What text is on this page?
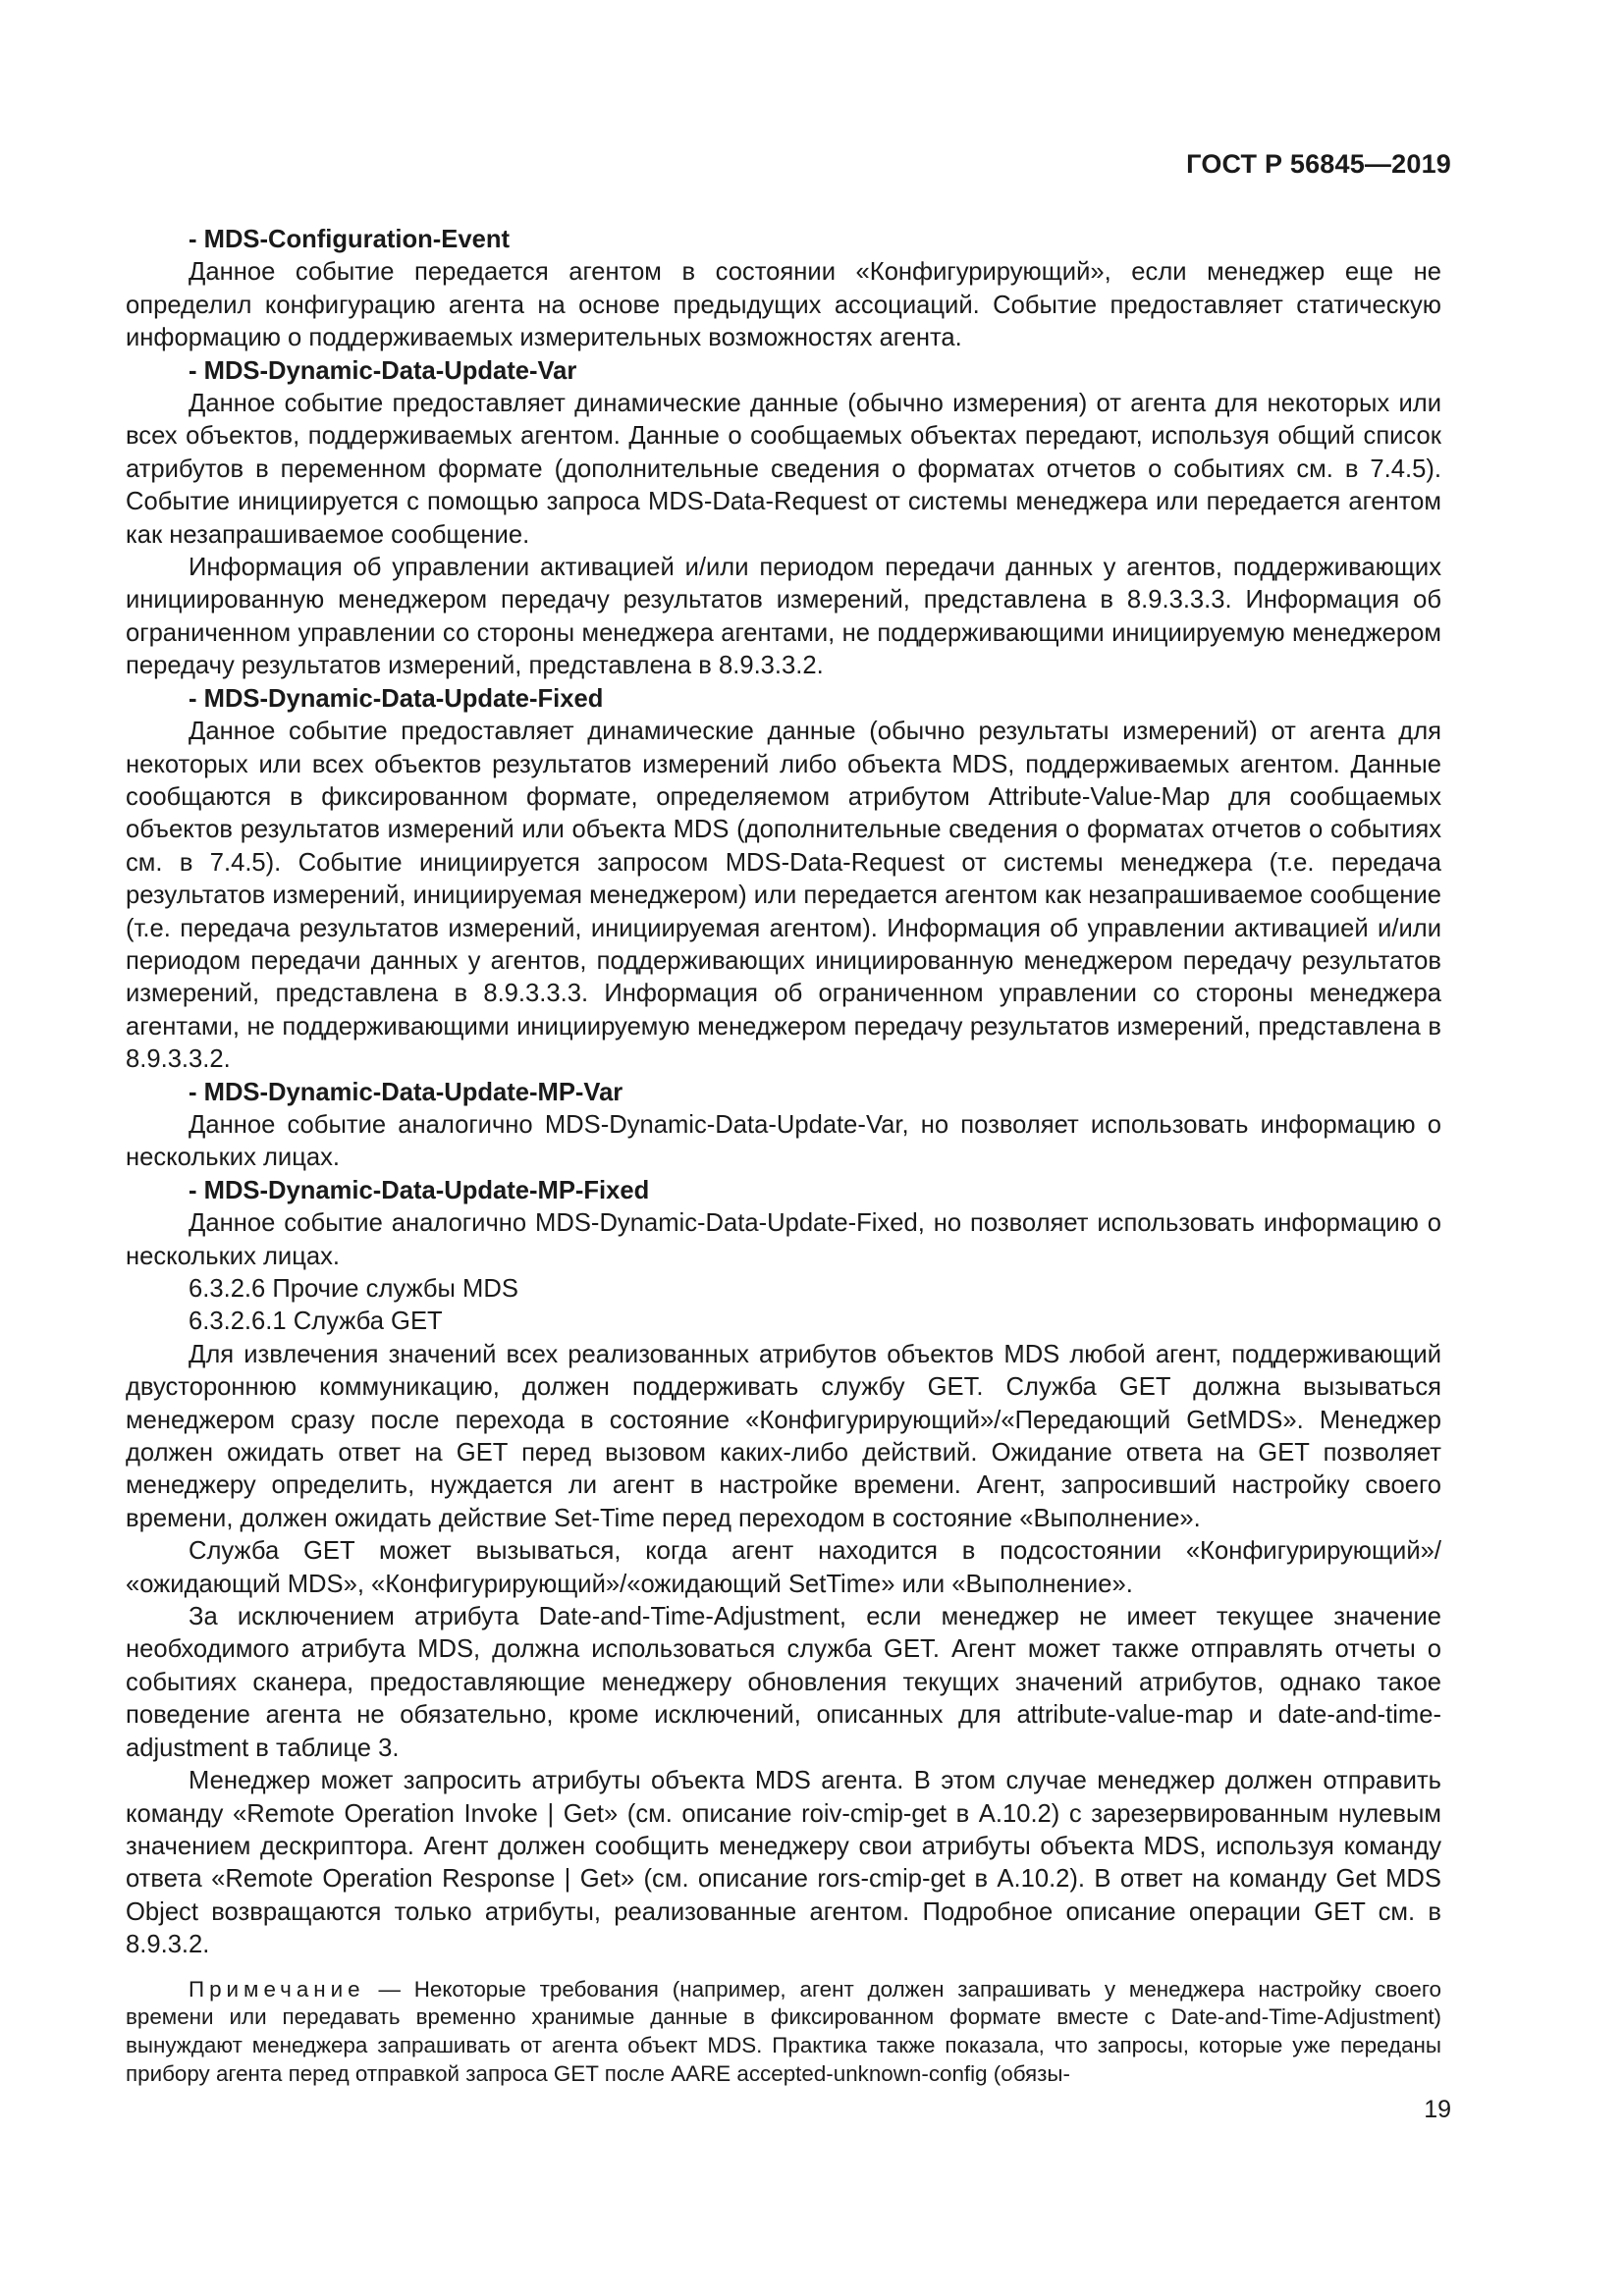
ГОСТ Р 56845—2019

- MDS-Configuration-Event

Данное событие передается агентом в состоянии «Конфигурирующий», если менеджер еще не определил конфигурацию агента на основе предыдущих ассоциаций. Событие предоставляет статическую информацию о поддерживаемых измерительных возможностях агента.

- MDS-Dynamic-Data-Update-Var

Данное событие предоставляет динамические данные (обычно измерения) от агента для некоторых или всех объектов, поддерживаемых агентом. Данные о сообщаемых объектах передают, используя общий список атрибутов в переменном формате (дополнительные сведения о форматах отчетов о событиях см. в 7.4.5). Событие инициируется с помощью запроса MDS-Data-Request от системы менеджера или передается агентом как незапрашиваемое сообщение.

Информация об управлении активацией и/или периодом передачи данных у агентов, поддерживающих инициированную менеджером передачу результатов измерений, представлена в 8.9.3.3.3. Информация об ограниченном управлении со стороны менеджера агентами, не поддерживающими инициируемую менеджером передачу результатов измерений, представлена в 8.9.3.3.2.

- MDS-Dynamic-Data-Update-Fixed

Данное событие предоставляет динамические данные (обычно результаты измерений) от агента для некоторых или всех объектов результатов измерений либо объекта MDS, поддерживаемых агентом. Данные сообщаются в фиксированном формате, определяемом атрибутом Attribute-Value-Map для сообщаемых объектов результатов измерений или объекта MDS (дополнительные сведения о форматах отчетов о событиях см. в 7.4.5). Событие инициируется запросом MDS-Data-Request от системы менеджера (т.е. передача результатов измерений, инициируемая менеджером) или передается агентом как незапрашиваемое сообщение (т.е. передача результатов измерений, инициируемая агентом). Информация об управлении активацией и/или периодом передачи данных у агентов, поддерживающих инициированную менеджером передачу результатов измерений, представлена в 8.9.3.3.3. Информация об ограниченном управлении со стороны менеджера агентами, не поддерживающими инициируемую менеджером передачу результатов измерений, представлена в 8.9.3.3.2.

- MDS-Dynamic-Data-Update-MP-Var

Данное событие аналогично MDS-Dynamic-Data-Update-Var, но позволяет использовать информацию о нескольких лицах.

- MDS-Dynamic-Data-Update-MP-Fixed

Данное событие аналогично MDS-Dynamic-Data-Update-Fixed, но позволяет использовать информацию о нескольких лицах.

6.3.2.6 Прочие службы MDS

6.3.2.6.1 Служба GET

Для извлечения значений всех реализованных атрибутов объектов MDS любой агент, поддерживающий двустороннюю коммуникацию, должен поддерживать службу GET. Служба GET должна вызываться менеджером сразу после перехода в состояние «Конфигурирующий»/«Передающий GetMDS». Менеджер должен ожидать ответ на GET перед вызовом каких-либо действий. Ожидание ответа на GET позволяет менеджеру определить, нуждается ли агент в настройке времени. Агент, запросивший настройку своего времени, должен ожидать действие Set-Time перед переходом в состояние «Выполнение».

Служба GET может вызываться, когда агент находится в подсостоянии «Конфигурирующий»/ «ожидающий MDS», «Конфигурирующий»/«ожидающий SetTime» или «Выполнение».

За исключением атрибута Date-and-Time-Adjustment, если менеджер не имеет текущее значение необходимого атрибута MDS, должна использоваться служба GET. Агент может также отправлять отчеты о событиях сканера, предоставляющие менеджеру обновления текущих значений атрибутов, однако такое поведение агента не обязательно, кроме исключений, описанных для attribute-value-map и date-and-time-adjustment в таблице 3.

Менеджер может запросить атрибуты объекта MDS агента. В этом случае менеджер должен отправить команду «Remote Operation Invoke | Get» (см. описание roiv-cmip-get в А.10.2) с зарезервированным нулевым значением дескриптора. Агент должен сообщить менеджеру свои атрибуты объекта MDS, используя команду ответа «Remote Operation Response | Get» (см. описание rors-cmip-get в А.10.2). В ответ на команду Get MDS Object возвращаются только атрибуты, реализованные агентом. Подробное описание операции GET см. в 8.9.3.2.

Примечание — Некоторые требования (например, агент должен запрашивать у менеджера настройку своего времени или передавать временно хранимые данные в фиксированном формате вместе с Date-and-Time-Adjustment) вынуждают менеджера запрашивать от агента объект MDS. Практика также показала, что запросы, которые уже переданы прибору агента перед отправкой запроса GET после AARE accepted-unknown-config (обязы-

19
